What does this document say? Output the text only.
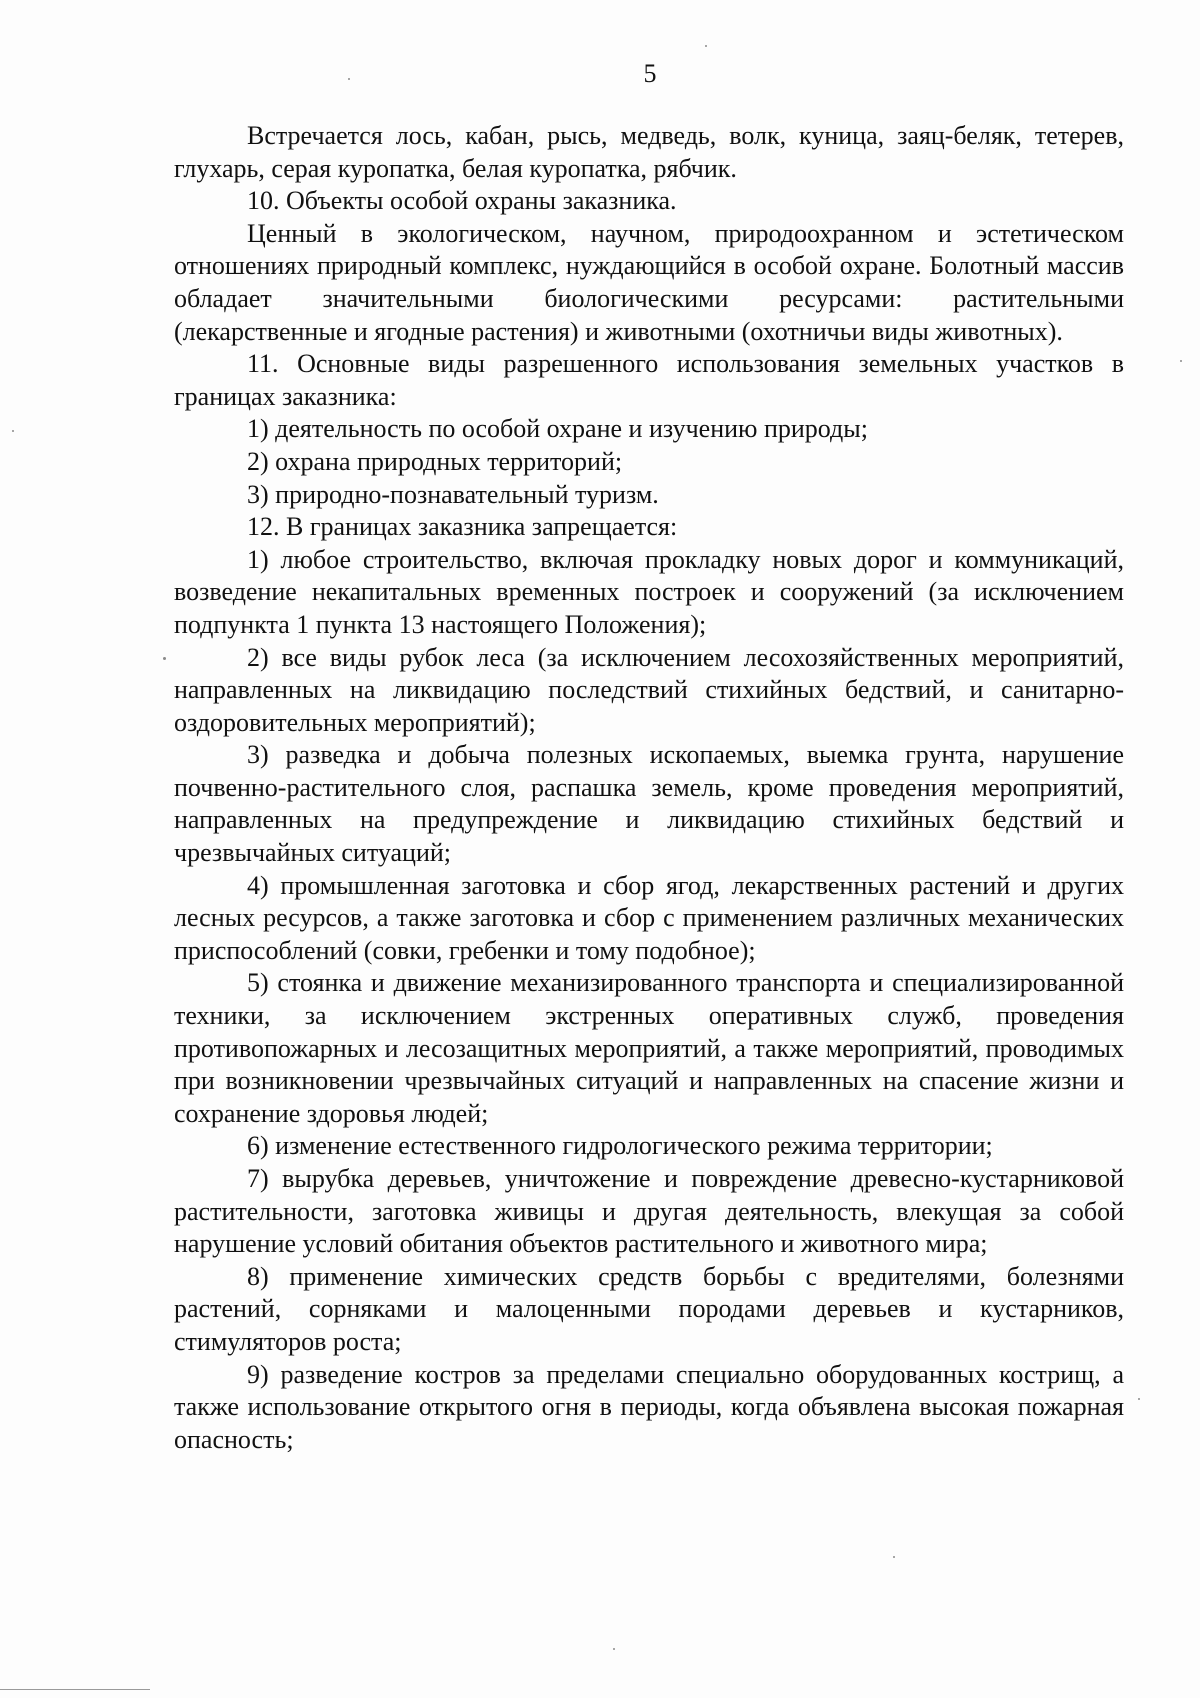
5

Встречается лось, кабан, рысь, медведь, волк, куница, заяц-беляк, тетерев, глухарь, серая куропатка, белая куропатка, рябчик.

10. Объекты особой охраны заказника.

Ценный в экологическом, научном, природоохранном и эстетическом отношениях природный комплекс, нуждающийся в особой охране. Болотный массив обладает значительными биологическими ресурсами: растительными (лекарственные и ягодные растения) и животными (охотничьи виды животных).

11. Основные виды разрешенного использования земельных участков в границах заказника:

1) деятельность по особой охране и изучению природы;

2) охрана природных территорий;

3) природно-познавательный туризм.

12. В границах заказника запрещается:

1) любое строительство, включая прокладку новых дорог и коммуникаций, возведение некапитальных временных построек и сооружений (за исключением подпункта 1 пункта 13 настоящего Положения);

2) все виды рубок леса (за исключением лесохозяйственных мероприятий, направленных на ликвидацию последствий стихийных бедствий, и санитарно-оздоровительных мероприятий);

3) разведка и добыча полезных ископаемых, выемка грунта, нарушение почвенно-растительного слоя, распашка земель, кроме проведения мероприятий, направленных на предупреждение и ликвидацию стихийных бедствий и чрезвычайных ситуаций;

4) промышленная заготовка и сбор ягод, лекарственных растений и других лесных ресурсов, а также заготовка и сбор с применением различных механических приспособлений (совки, гребенки и тому подобное);

5) стоянка и движение механизированного транспорта и специализированной техники, за исключением экстренных оперативных служб, проведения противопожарных и лесозащитных мероприятий, а также мероприятий, проводимых при возникновении чрезвычайных ситуаций и направленных на спасение жизни и сохранение здоровья людей;

6) изменение естественного гидрологического режима территории;

7) вырубка деревьев, уничтожение и повреждение древесно-кустарниковой растительности, заготовка живицы и другая деятельность, влекущая за собой нарушение условий обитания объектов растительного и животного мира;

8) применение химических средств борьбы с вредителями, болезнями растений, сорняками и малоценными породами деревьев и кустарников, стимуляторов роста;

9) разведение костров за пределами специально оборудованных кострищ, а также использование открытого огня в периоды, когда объявлена высокая пожарная опасность;
